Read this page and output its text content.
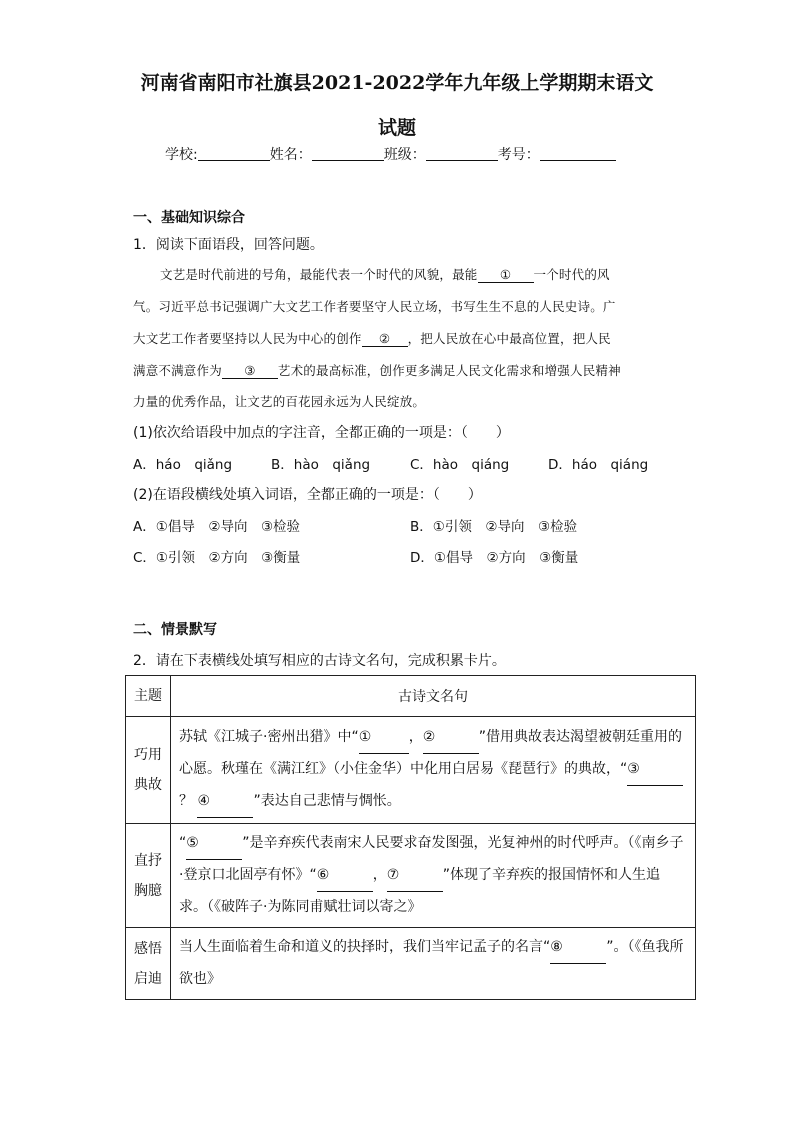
河南省南阳市社旗县2021-2022学年九年级上学期期末语文
试题
学校:	姓名：	班级：	考号：
一、基础知识综合
1．阅读下面语段，回答问题。
文艺是时代前进的号角，最能代表一个时代的风貌，最能 ① 一个时代的风
气。习近平总书记强调广大文艺工作者要坚守人民立场，书写生生不息的人民史诗。广
大文艺工作者要坚持以人民为中心的创作 ② ，把人民放在心中最高位置，把人民
满意不满意作为 ③ 艺术的最高标准，创作更多满足人民文化需求和增强人民精神
力量的优秀作品，让文艺的百花园永远为人民绽放。
(1)依次给语段中加点的字注音，全都正确的一项是：（　　）
A．háo　qiǎng	B．hào　qiǎng	C．hào　qiáng	D．háo　qiáng
(2)在语段横线处填入词语，全都正确的一项是：（　　）
A．①倡导　②导向　③检验	B．①引领　②导向　③检验
C．①引领　②方向　③衡量	D．①倡导　②方向　③衡量
二、情景默写
2．请在下表横线处填写相应的古诗文名句，完成积累卡片。
主题	古诗文名句
巧用典故	苏轼《江城子·密州出猎》中“① ，② ”借用典故表达渴望被朝廷重用的心愿。秋瑾在《满江红》（小住金华）中化用白居易《琵琶行》的典故，“③？ ④ ”表达自己悲情与惆怅。
直抒胸臆	“⑤ ”是辛弃疾代表南宋人民要求奋发图强，光复神州的时代呼声。（《南乡子·登京口北固亭有怀》“⑥ ，⑦ ”体现了辛弃疾的报国情怀和人生追求。（《破阵子·为陈同甫赋壮词以寄之》
感悟启迪	当人生面临着生命和道义的抉择时，我们当牢记孟子的名言“⑧ ”。（《鱼我所欲也》
